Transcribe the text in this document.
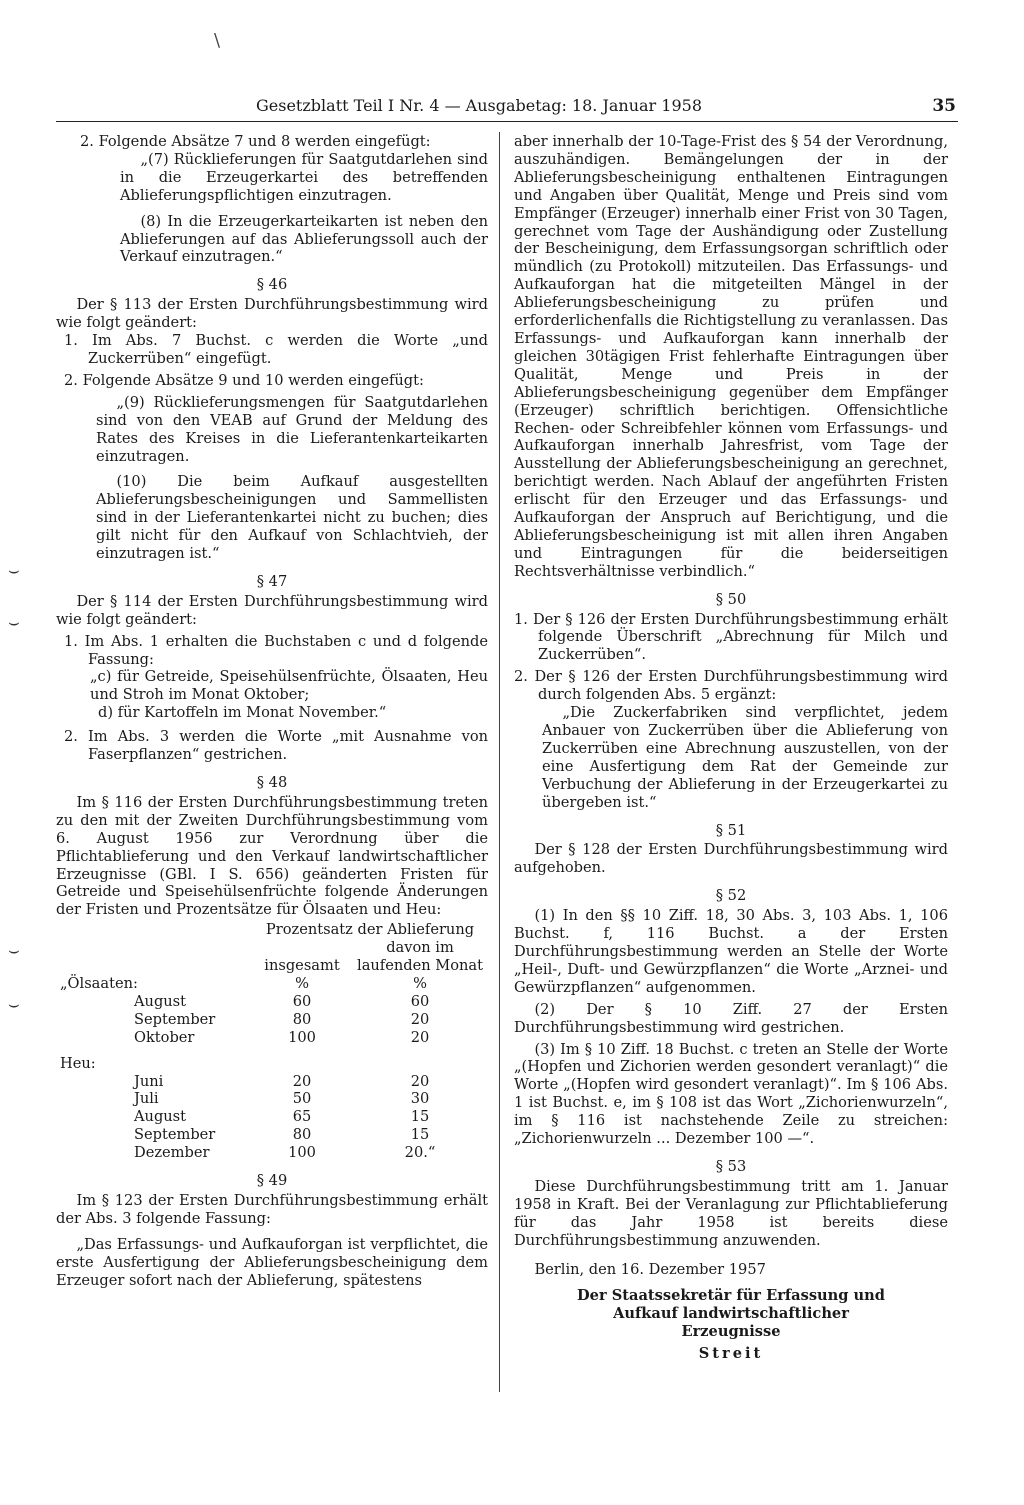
\
Gesetzblatt Teil I Nr. 4 — Ausgabetag: 18. Januar 1958	35
⌣
⌣
⌣
⌣

2. Folgende Absätze 7 und 8 werden eingefügt:

„(7) Rücklieferungen für Saatgutdarlehen sind in die Erzeugerkartei des betreffenden Ablieferungspflichtigen einzutragen.

(8) In die Erzeugerkarteikarten ist neben den Ablieferungen auf das Ablieferungssoll auch der Verkauf einzutragen.“

§ 46

Der § 113 der Ersten Durchführungsbestimmung wird wie folgt geändert:

1. Im Abs. 7 Buchst. c werden die Worte „und Zuckerrüben“ eingefügt.

2. Folgende Absätze 9 und 10 werden eingefügt:

„(9) Rücklieferungsmengen für Saatgutdarlehen sind von den VEAB auf Grund der Meldung des Rates des Kreises in die Lieferantenkarteikarten einzutragen.

(10) Die beim Aufkauf ausgestellten Ablieferungsbescheinigungen und Sammellisten sind in der Lieferantenkartei nicht zu buchen; dies gilt nicht für den Aufkauf von Schlachtvieh, der einzutragen ist.“

§ 47

Der § 114 der Ersten Durchführungsbestimmung wird wie folgt geändert:

1. Im Abs. 1 erhalten die Buchstaben c und d folgende Fassung:

„c) für Getreide, Speisehülsenfrüchte, Ölsaaten, Heu und Stroh im Monat Oktober;

d) für Kartoffeln im Monat November.“

2. Im Abs. 3 werden die Worte „mit Ausnahme von Faserpflanzen“ gestrichen.

§ 48

Im § 116 der Ersten Durchführungsbestimmung treten zu den mit der Zweiten Durchführungsbestimmung vom 6. August 1956 zur Verordnung über die Pflichtablieferung und den Verkauf landwirtschaftlicher Erzeugnisse (GBl. I S. 656) geänderten Fristen für Getreide und Speisehülsenfrüchte folgende Änderungen der Fristen und Prozentsätze für Ölsaaten und Heu:

		Prozentsatz der Ablieferung	
		insgesamt	davon im laufenden Monat
„Ölsaaten:		%	%
	August	60	60
	September	80	20
	Oktober	100	20
Heu:			
	Juni	20	20
	Juli	50	30
	August	65	15
	September	80	15
	Dezember	100	20.“

§ 49

Im § 123 der Ersten Durchführungsbestimmung erhält der Abs. 3 folgende Fassung:

„Das Erfassungs- und Aufkauforgan ist verpflichtet, die erste Ausfertigung der Ablieferungsbescheinigung dem Erzeuger sofort nach der Ablieferung, spätestens

aber innerhalb der 10-Tage-Frist des § 54 der Verordnung, auszuhändigen. Bemängelungen der in der Ablieferungsbescheinigung enthaltenen Eintragungen und Angaben über Qualität, Menge und Preis sind vom Empfänger (Erzeuger) innerhalb einer Frist von 30 Tagen, gerechnet vom Tage der Aushändigung oder Zustellung der Bescheinigung, dem Erfassungsorgan schriftlich oder mündlich (zu Protokoll) mitzuteilen. Das Erfassungs- und Aufkauforgan hat die mitgeteilten Mängel in der Ablieferungsbescheinigung zu prüfen und erforderlichenfalls die Richtigstellung zu veranlassen. Das Erfassungs- und Aufkauforgan kann innerhalb der gleichen 30tägigen Frist fehlerhafte Eintragungen über Qualität, Menge und Preis in der Ablieferungsbescheinigung gegenüber dem Empfänger (Erzeuger) schriftlich berichtigen. Offensichtliche Rechen- oder Schreibfehler können vom Erfassungs- und Aufkauforgan innerhalb Jahresfrist, vom Tage der Ausstellung der Ablieferungsbescheinigung an gerechnet, berichtigt werden. Nach Ablauf der angeführten Fristen erlischt für den Erzeuger und das Erfassungs- und Aufkauforgan der Anspruch auf Berichtigung, und die Ablieferungsbescheinigung ist mit allen ihren Angaben und Eintragungen für die beiderseitigen Rechtsverhältnisse verbindlich.“

§ 50

1. Der § 126 der Ersten Durchführungsbestimmung erhält folgende Überschrift „Abrechnung für Milch und Zuckerrüben“.

2. Der § 126 der Ersten Durchführungsbestimmung wird durch folgenden Abs. 5 ergänzt:

„Die Zuckerfabriken sind verpflichtet, jedem Anbauer von Zuckerrüben über die Ablieferung von Zuckerrüben eine Abrechnung auszustellen, von der eine Ausfertigung dem Rat der Gemeinde zur Verbuchung der Ablieferung in der Erzeugerkartei zu übergeben ist.“

§ 51

Der § 128 der Ersten Durchführungsbestimmung wird aufgehoben.

§ 52

(1) In den §§ 10 Ziff. 18, 30 Abs. 3, 103 Abs. 1, 106 Buchst. f, 116 Buchst. a der Ersten Durchführungsbestimmung werden an Stelle der Worte „Heil-, Duft- und Gewürzpflanzen“ die Worte „Arznei- und Gewürzpflanzen“ aufgenommen.

(2) Der § 10 Ziff. 27 der Ersten Durchführungsbestimmung wird gestrichen.

(3) Im § 10 Ziff. 18 Buchst. c treten an Stelle der Worte „(Hopfen und Zichorien werden gesondert veranlagt)“ die Worte „(Hopfen wird gesondert veranlagt)“. Im § 106 Abs. 1 ist Buchst. e, im § 108 ist das Wort „Zichorienwurzeln“, im § 116 ist nachstehende Zeile zu streichen: „Zichorienwurzeln ... Dezember 100 —“.

§ 53

Diese Durchführungsbestimmung tritt am 1. Januar 1958 in Kraft. Bei der Veranlagung zur Pflichtablieferung für das Jahr 1958 ist bereits diese Durchführungsbestimmung anzuwenden.

Berlin, den 16. Dezember 1957

Der Staatssekretär für Erfassung und Aufkauf landwirtschaftlicher Erzeugnisse

Streit
